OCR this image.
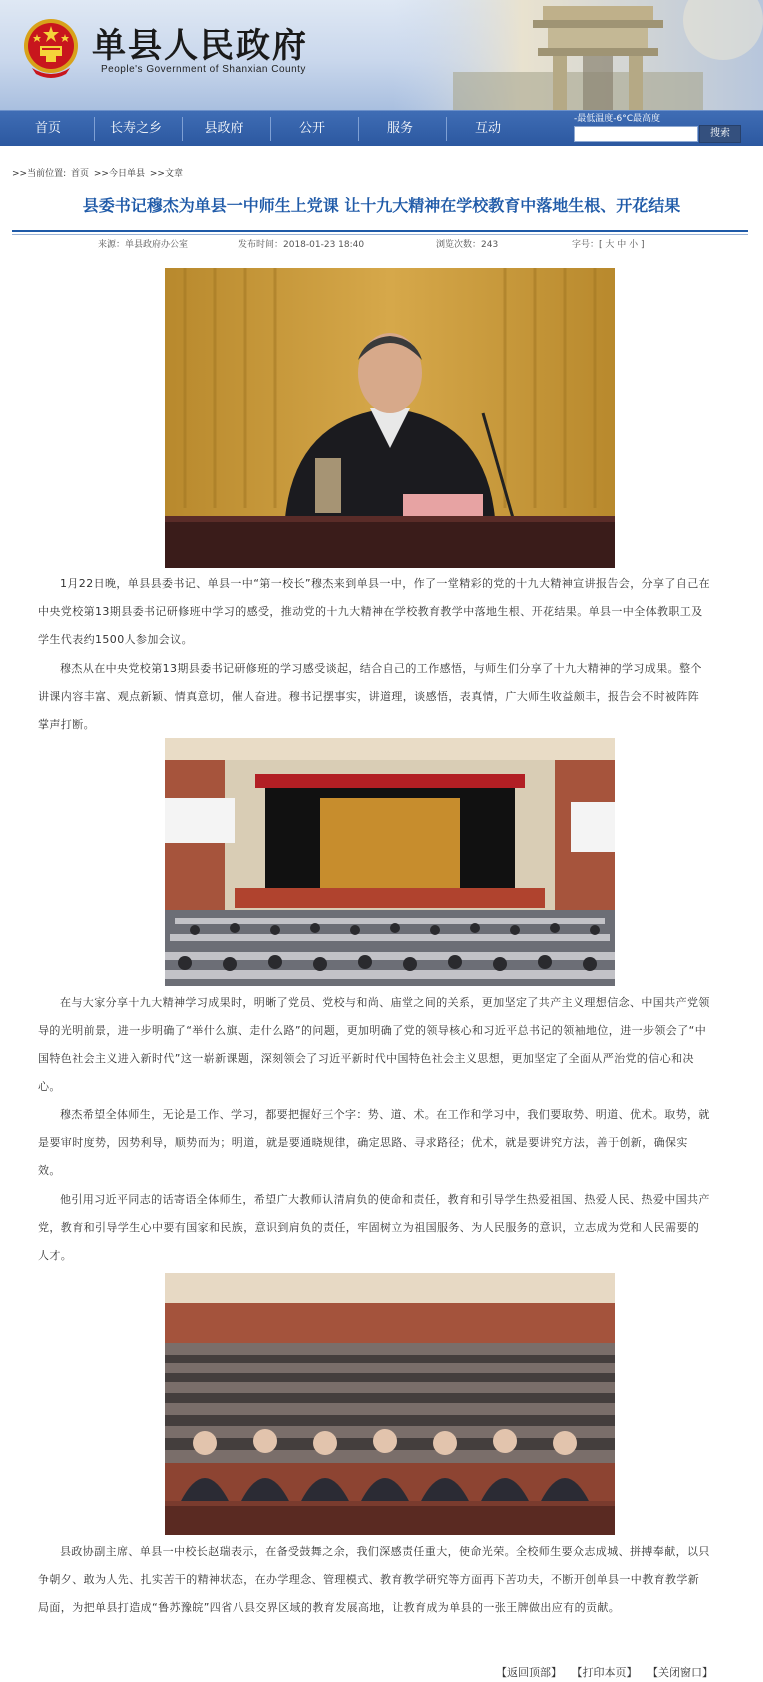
单县人民政府
People's Government of Shanxian County
首页	长寿之乡	县政府	公开	服务	互动
-最低温度-6°C最高度
搜索
>>当前位置: 首页 >>今日单县 >>文章
县委书记穆杰为单县一中师生上党课 让十九大精神在学校教育中落地生根、开花结果
来源：单县政府办公室	发布时间：2018-01-23 18:40	浏览次数：243	字号：[ 大 中 小 ]
1月22日晚，单县县委书记、单县一中“第一校长”穆杰来到单县一中，作了一堂精彩的党的十九大精神宣讲报告会，分享了自己在中央党校第13期县委书记研修班中学习的感受，推动党的十九大精神在学校教育教学中落地生根、开花结果。单县一中全体教职工及学生代表约1500人参加会议。
穆杰从在中央党校第13期县委书记研修班的学习感受谈起，结合自己的工作感悟，与师生们分享了十九大精神的学习成果。整个讲课内容丰富、观点新颖、情真意切，催人奋进。穆书记摆事实，讲道理，谈感悟，表真情，广大师生收益颇丰，报告会不时被阵阵掌声打断。
在与大家分享十九大精神学习成果时，明晰了党员、党校与和尚、庙堂之间的关系，更加坚定了共产主义理想信念、中国共产党领导的光明前景，进一步明确了“举什么旗、走什么路”的问题，更加明确了党的领导核心和习近平总书记的领袖地位，进一步领会了“中国特色社会主义进入新时代”这一崭新课题，深刻领会了习近平新时代中国特色社会主义思想，更加坚定了全面从严治党的信心和决心。
穆杰希望全体师生，无论是工作、学习，都要把握好三个字：势、道、术。在工作和学习中，我们要取势、明道、优术。取势，就是要审时度势，因势利导，顺势而为；明道，就是要通晓规律，确定思路、寻求路径；优术，就是要讲究方法，善于创新，确保实效。
他引用习近平同志的话寄语全体师生，希望广大教师认清肩负的使命和责任，教育和引导学生热爱祖国、热爱人民、热爱中国共产党，教育和引导学生心中要有国家和民族，意识到肩负的责任，牢固树立为祖国服务、为人民服务的意识，立志成为党和人民需要的人才。
县政协副主席、单县一中校长赵瑞表示，在备受鼓舞之余，我们深感责任重大，使命光荣。全校师生要众志成城、拼搏奉献，以只争朝夕、敢为人先、扎实苦干的精神状态，在办学理念、管理模式、教育教学研究等方面再下苦功夫，不断开创单县一中教育教学新局面，为把单县打造成“鲁苏豫皖”四省八县交界区域的教育发展高地，让教育成为单县的一张王牌做出应有的贡献。
【返回顶部】 【打印本页】 【关闭窗口】
